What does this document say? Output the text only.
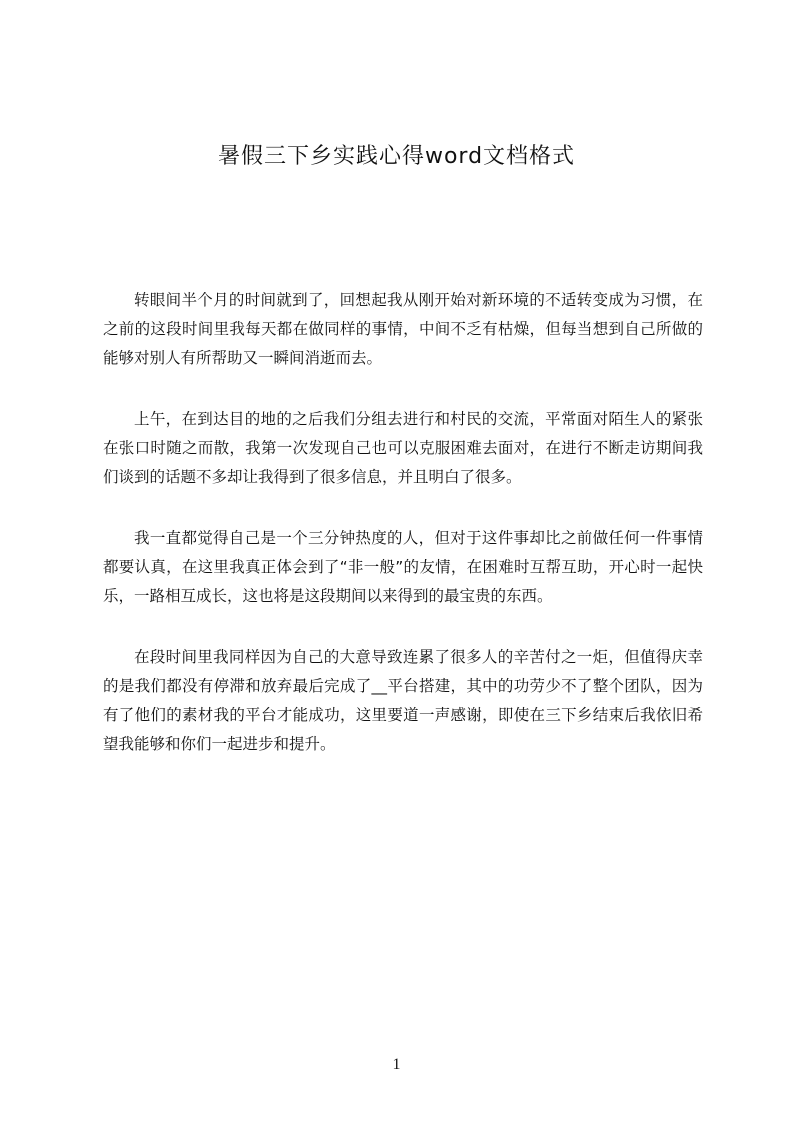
暑假三下乡实践心得word文档格式

转眼间半个月的时间就到了，回想起我从刚开始对新环境的不适转变成为习惯，在之前的这段时间里我每天都在做同样的事情，中间不乏有枯燥，但每当想到自己所做的能够对别人有所帮助又一瞬间消逝而去。

上午，在到达目的地的之后我们分组去进行和村民的交流，平常面对陌生人的紧张在张口时随之而散，我第一次发现自己也可以克服困难去面对，在进行不断走访期间我们谈到的话题不多却让我得到了很多信息，并且明白了很多。

我一直都觉得自己是一个三分钟热度的人，但对于这件事却比之前做任何一件事情都要认真，在这里我真正体会到了“非一般”的友情，在困难时互帮互助，开心时一起快乐，一路相互成长，这也将是这段期间以来得到的最宝贵的东西。

在段时间里我同样因为自己的大意导致连累了很多人的辛苦付之一炬，但值得庆幸的是我们都没有停滞和放弃最后完成了__平台搭建，其中的功劳少不了整个团队，因为有了他们的素材我的平台才能成功，这里要道一声感谢，即使在三下乡结束后我依旧希望我能够和你们一起进步和提升。

1
